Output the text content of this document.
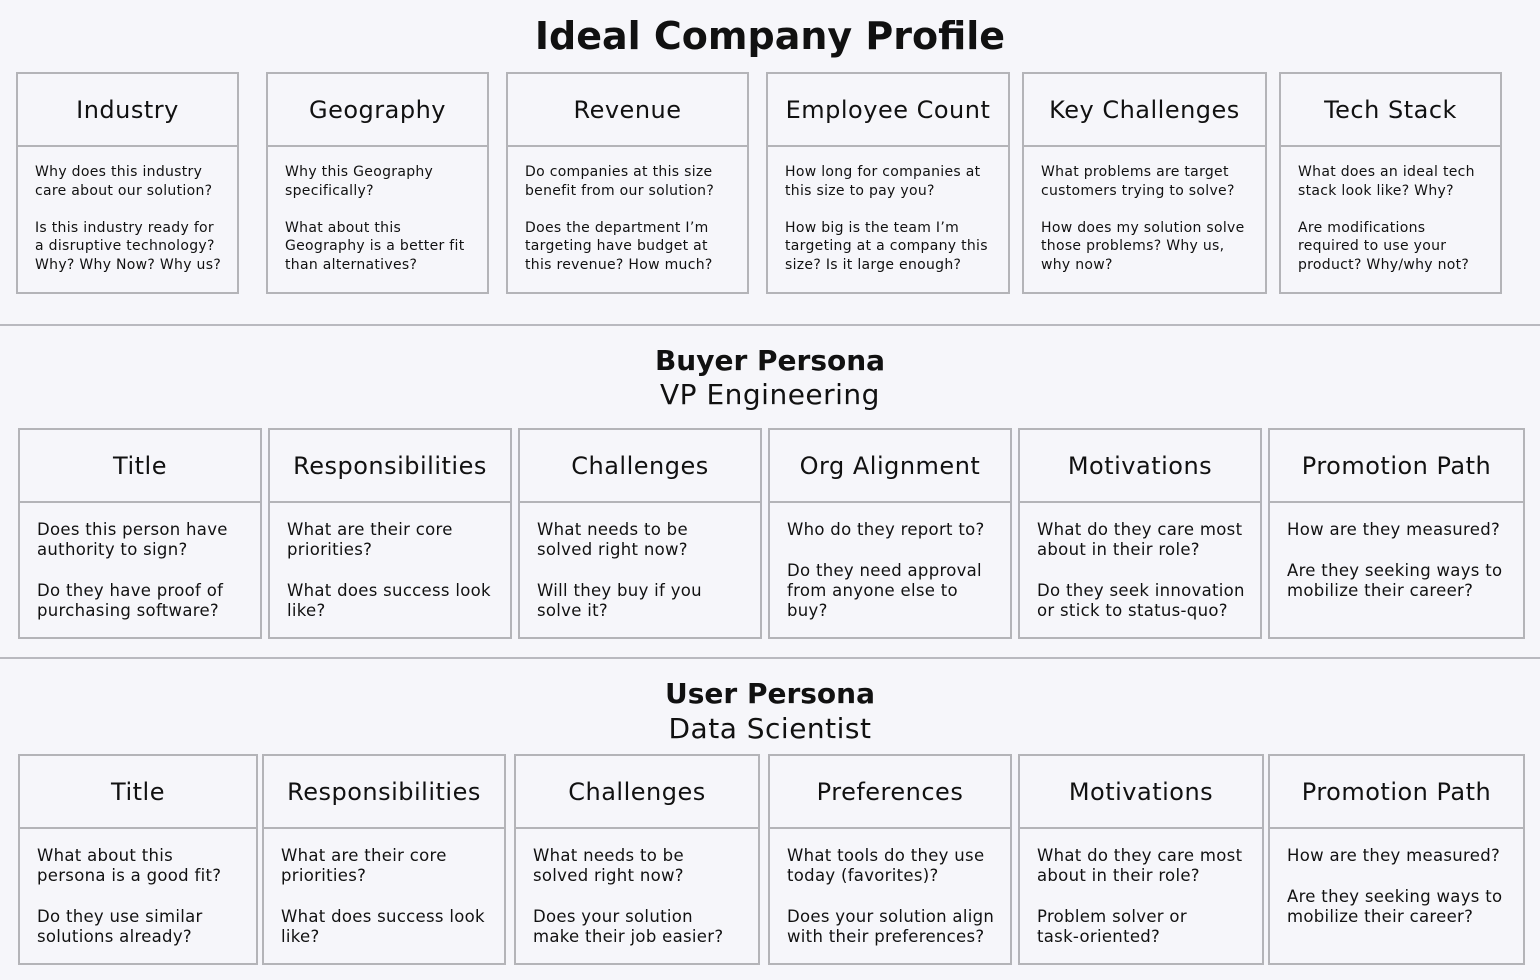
Ideal Company Profile
Industry
Why does this industry
care about our solution?

Is this industry ready for
a disruptive technology?
Why? Why Now? Why us?
Geography
Why this Geography
specifically?

What about this
Geography is a better fit
than alternatives?
Revenue
Do companies at this size
benefit from our solution?

Does the department I’m
targeting have budget at
this revenue? How much?
Employee Count
How long for companies at
this size to pay you?

How big is the team I’m
targeting at a company this
size? Is it large enough?
Key Challenges
What problems are target
customers trying to solve?

How does my solution solve
those problems? Why us,
why now?
Tech Stack
What does an ideal tech
stack look like? Why?

Are modifications
required to use your
product? Why/why not?
Buyer Persona
VP Engineering
Title
Does this person have
authority to sign?

Do they have proof of
purchasing software?
Responsibilities
What are their core
priorities?

What does success look
like?
Challenges
What needs to be
solved right now?

Will they buy if you
solve it?
Org Alignment
Who do they report to?

Do they need approval
from anyone else to
buy?
Motivations
What do they care most
about in their role?

Do they seek innovation
or stick to status-quo?
Promotion Path
How are they measured?

Are they seeking ways to
mobilize their career?
User Persona
Data Scientist
Title
What about this
persona is a good fit?

Do they use similar
solutions already?
Responsibilities
What are their core
priorities?

What does success look
like?
Challenges
What needs to be
solved right now?

Does your solution
make their job easier?
Preferences
What tools do they use
today (favorites)?

Does your solution align
with their preferences?
Motivations
What do they care most
about in their role?

Problem solver or
task-oriented?
Promotion Path
How are they measured?

Are they seeking ways to
mobilize their career?
